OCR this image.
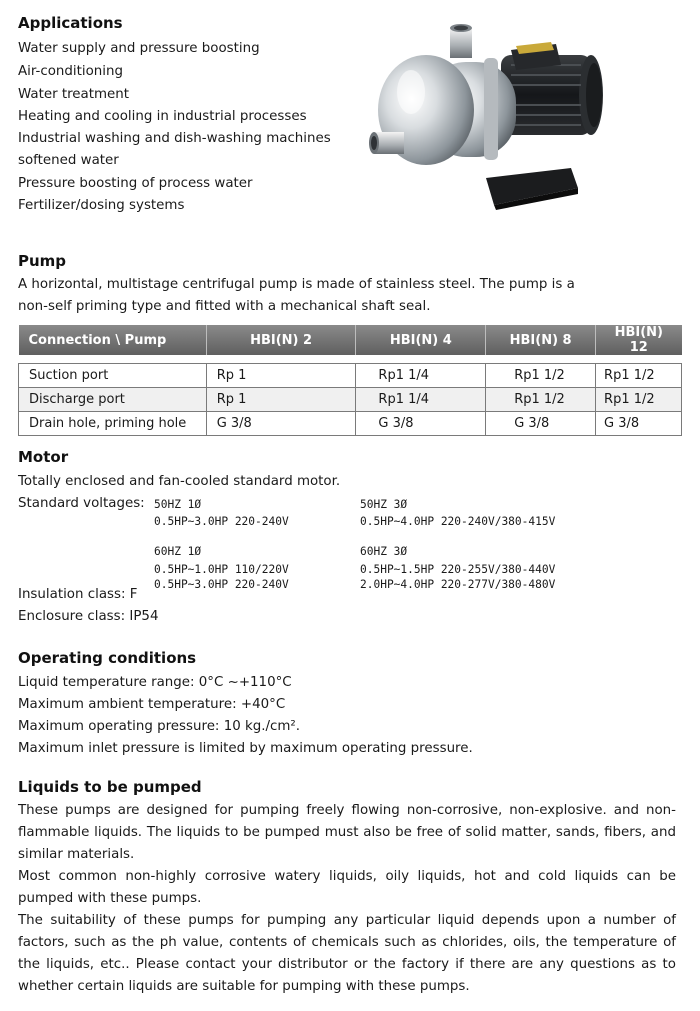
Applications
Water supply and pressure boosting
Air-conditioning
Water treatment
Heating and cooling in industrial processes
Industrial washing and dish-washing machines
softened water
Pressure boosting of process water
Fertilizer/dosing systems
Pump
A horizontal, multistage centrifugal pump is made of stainless steel. The pump is a
non-self priming type and fitted with a mechanical shaft seal.
Connection \ Pump	HBI(N) 2	HBI(N) 4	HBI(N) 8	HBI(N) 12

Suction port	Rp 1	Rp1 1/4	Rp1 1/2	Rp1 1/2
Discharge port	Rp 1	Rp1 1/4	Rp1 1/2	Rp1 1/2
Drain hole, priming hole	G 3/8	G 3/8	G 3/8	G 3/8
Motor
Totally enclosed and fan-cooled standard motor.
Standard voltages: 50HZ 1Ø
0.5HP~3.0HP 220-240V
50HZ 3Ø
0.5HP~4.0HP 220-240V/380-415V
60HZ 1Ø
0.5HP~1.0HP 110/220V
0.5HP~3.0HP 220-240V
60HZ 3Ø
0.5HP~1.5HP 220-255V/380-440V
2.0HP~4.0HP 220-277V/380-480V
Insulation class: F
Enclosure class: IP54
Operating conditions
Liquid temperature range: 0°C ~+110°C
Maximum ambient temperature: +40°C
Maximum operating pressure: 10 kg./cm².
Maximum inlet pressure is limited by maximum operating pressure.
Liquids to be pumped
These pumps are designed for pumping freely flowing non-corrosive, non-explosive. and non-flammable liquids. The liquids to be pumped must also be free of solid matter, sands, fibers, and similar materials.
Most common non-highly corrosive watery liquids, oily liquids, hot and cold liquids can be pumped with these pumps.
The suitability of these pumps for pumping any particular liquid depends upon a number of factors, such as the ph value, contents of chemicals such as chlorides, oils, the temperature of the liquids, etc.. Please contact your distributor or the factory if there are any questions as to whether certain liquids are suitable for pumping with these pumps.
